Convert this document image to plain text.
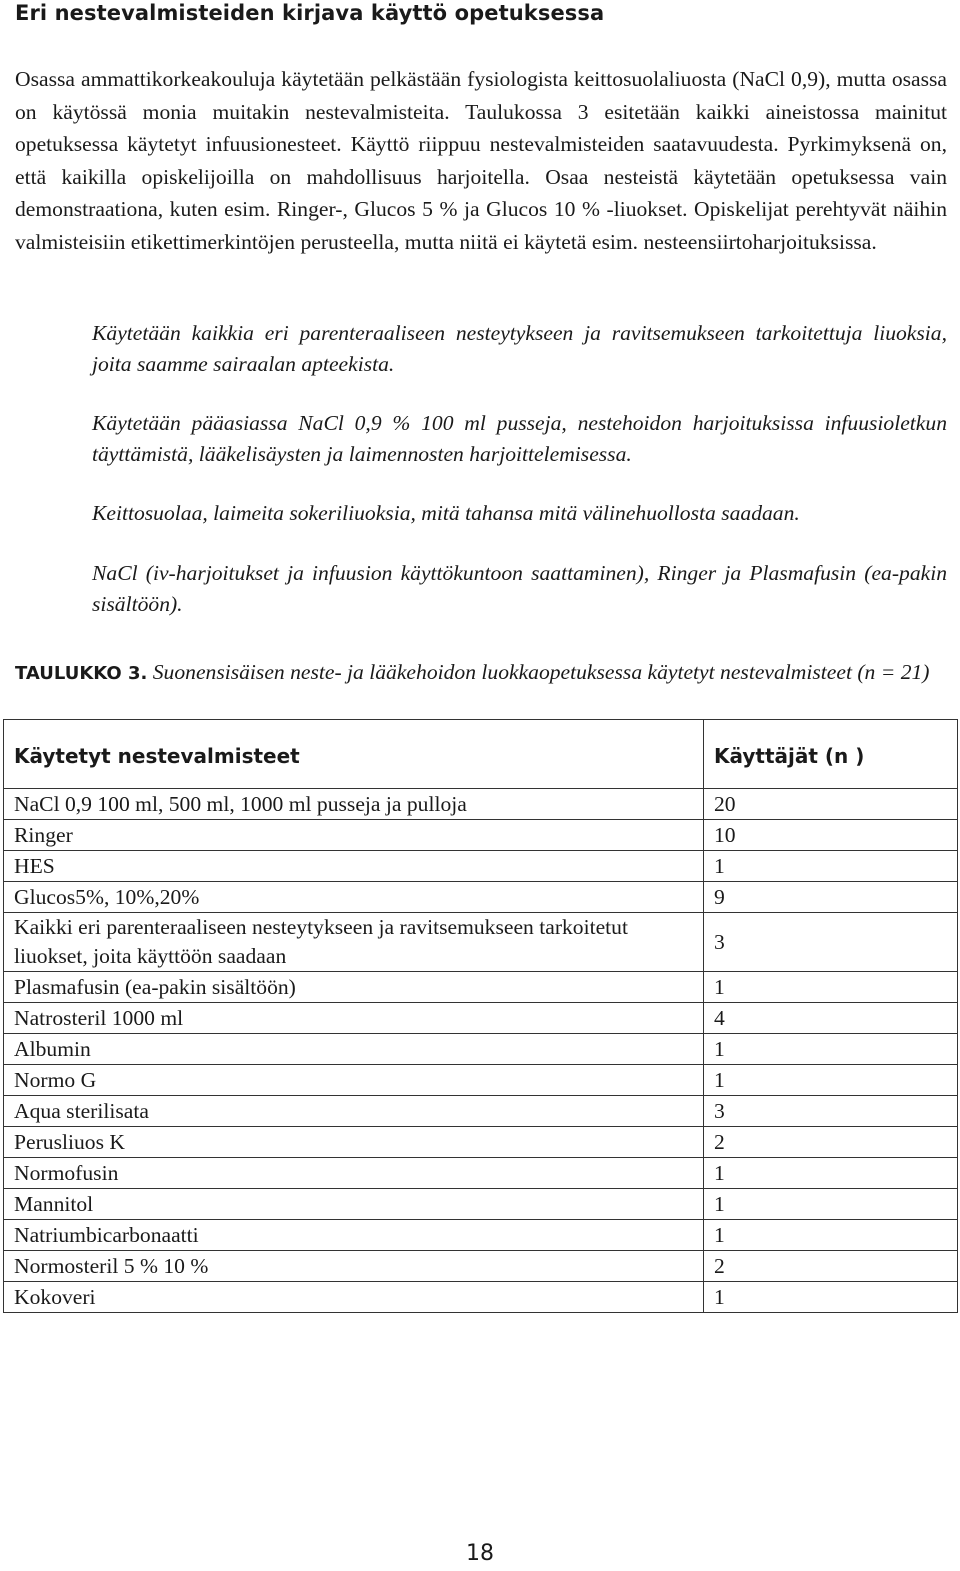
Eri nestevalmisteiden kirjava käyttö opetuksessa

Osassa ammattikorkeakouluja käytetään pelkästään fysiologista keittosuolaliuosta (NaCl 0,9), mutta osassa on käytössä monia muitakin nestevalmisteita. Taulukossa 3 esitetään kaikki aineistossa mainitut opetuksessa käytetyt infuusionesteet. Käyttö riippuu nestevalmisteiden saatavuudesta. Pyrkimyksenä on, että kaikilla opiskelijoilla on mahdollisuus harjoitella. Osaa nesteistä käytetään opetuksessa vain demonstraationa, kuten esim. Ringer-, Glucos 5 % ja Glucos 10 % -liuokset. Opiskelijat perehtyvät näihin valmisteisiin etikettimerkintöjen perusteella, mutta niitä ei käytetä esim. nesteensiirtoharjoituksissa.

Käytetään kaikkia eri parenteraaliseen nesteytykseen ja ravitsemukseen tarkoitettuja liuoksia, joita saamme sairaalan apteekista.

Käytetään pääasiassa NaCl 0,9 % 100 ml pusseja, nestehoidon harjoituksissa infuusioletkun täyttämistä, lääkelisäysten ja laimennosten harjoittelemisessa.

Keittosuolaa, laimeita sokeriliuoksia, mitä tahansa mitä välinehuollosta saadaan.

NaCl (iv-harjoitukset ja infuusion käyttökuntoon saattaminen), Ringer ja Plasmafusin (ea-pakin sisältöön).

TAULUKKO 3. Suonensisäisen neste- ja lääkehoidon luokkaopetuksessa käytetyt nestevalmisteet (n = 21)
Käytetyt nestevalmisteet	Käyttäjät (n )
NaCl 0,9 100 ml, 500 ml, 1000 ml pusseja ja pulloja	20
Ringer	10
HES	1
Glucos5%, 10%,20%	9
Kaikki eri parenteraaliseen nesteytykseen ja ravitsemukseen tarkoitetut liuokset, joita käyttöön saadaan	3
Plasmafusin (ea-pakin sisältöön)	1
Natrosteril 1000 ml	4
Albumin	1
Normo G	1
Aqua sterilisata	3
Perusliuos K	2
Normofusin	1
Mannitol	1
Natriumbicarbonaatti	1
Normosteril 5 % 10 %	2
Kokoveri	1
18
